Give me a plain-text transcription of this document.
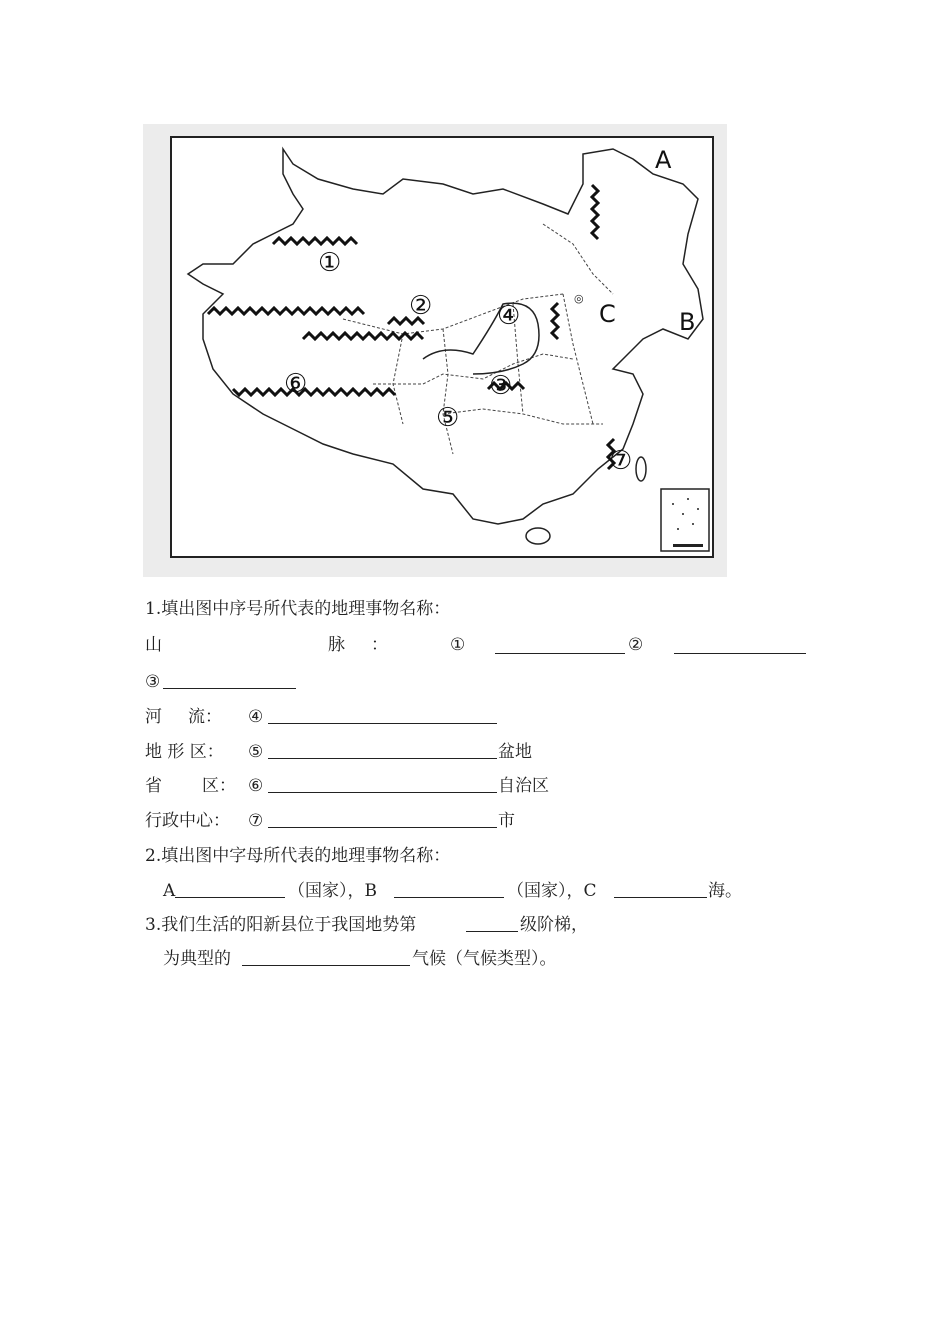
◎
①
②
③
④
⑤
⑥
⑦
A
B
C
1.填出图中序号所代表的地理事物名称：
山	脉 ：	①	②
③
河 流： ④
地 形 区： ⑤	盆地
省 区： ⑥	自治区
行政中心： ⑦	市
2.填出图中字母所代表的地理事物名称：
A	（国家），B	（国家），C	海。
3.我们生活的阳新县位于我国地势第	级阶梯，
为典型的	气候（气候类型）。
